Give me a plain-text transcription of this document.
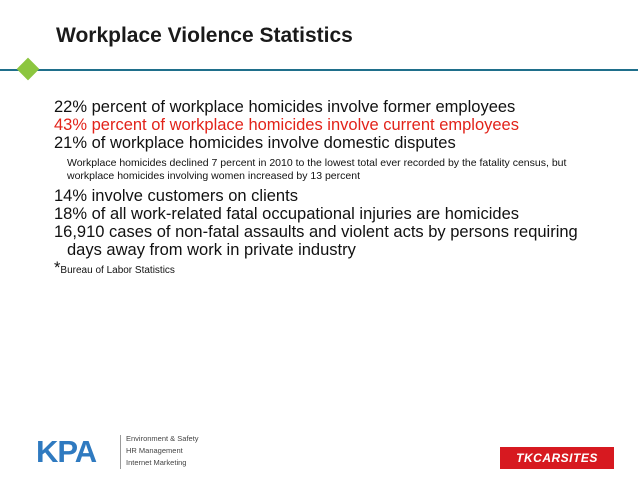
Workplace Violence Statistics
22% percent of workplace homicides involve former employees
43% percent of workplace homicides involve current employees
21% of workplace homicides involve domestic disputes
Workplace homicides declined 7 percent in 2010 to the lowest total ever recorded by the fatality census, but workplace homicides involving women increased by 13 percent
14% involve customers on clients
18% of all work-related fatal occupational injuries are homicides
16,910 cases of non-fatal assaults and violent acts by persons requiring days away from work in private industry
*Bureau of Labor Statistics
KPA	Environment & Safety
HR Management
Internet Marketing	TKCARSITES
